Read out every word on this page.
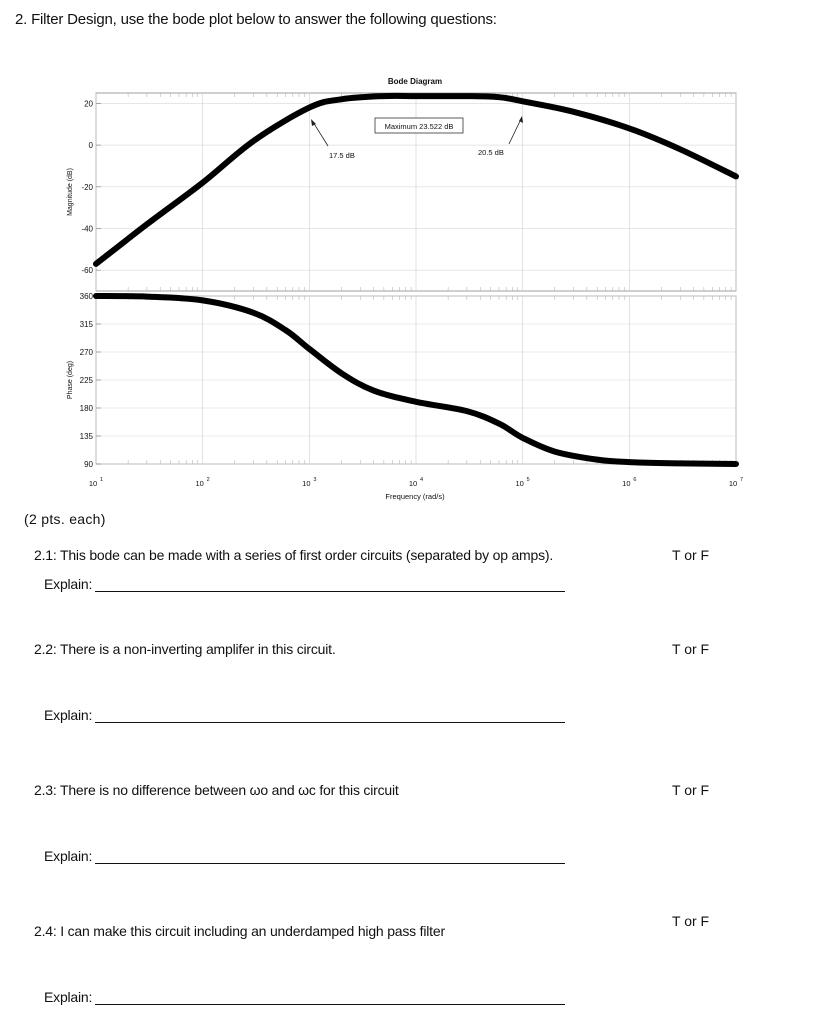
2. Filter Design, use the bode plot below to answer the following questions:
Bode Diagram
20
0
-20
-40
-60
Magnitude (dB)
Maximum 23.522 dB
17.5 dB	20.5 dB
360
315
270
225
180
135
90
Phase (deg)
10 1	10 2	10 3	10 4	10 5	10 6	10 7
Frequency (rad/s)
(2 pts. each)
2.1: This bode can be made with a series of first order circuits (separated by op amps).	T or F
Explain:
2.2: There is a non-inverting amplifer in this circuit.	T or F
Explain:
2.3: There is no difference between ωo and ωc for this circuit	T or F
Explain:
2.4: I can make this circuit including an underdamped high pass filter
T or F
Explain:
